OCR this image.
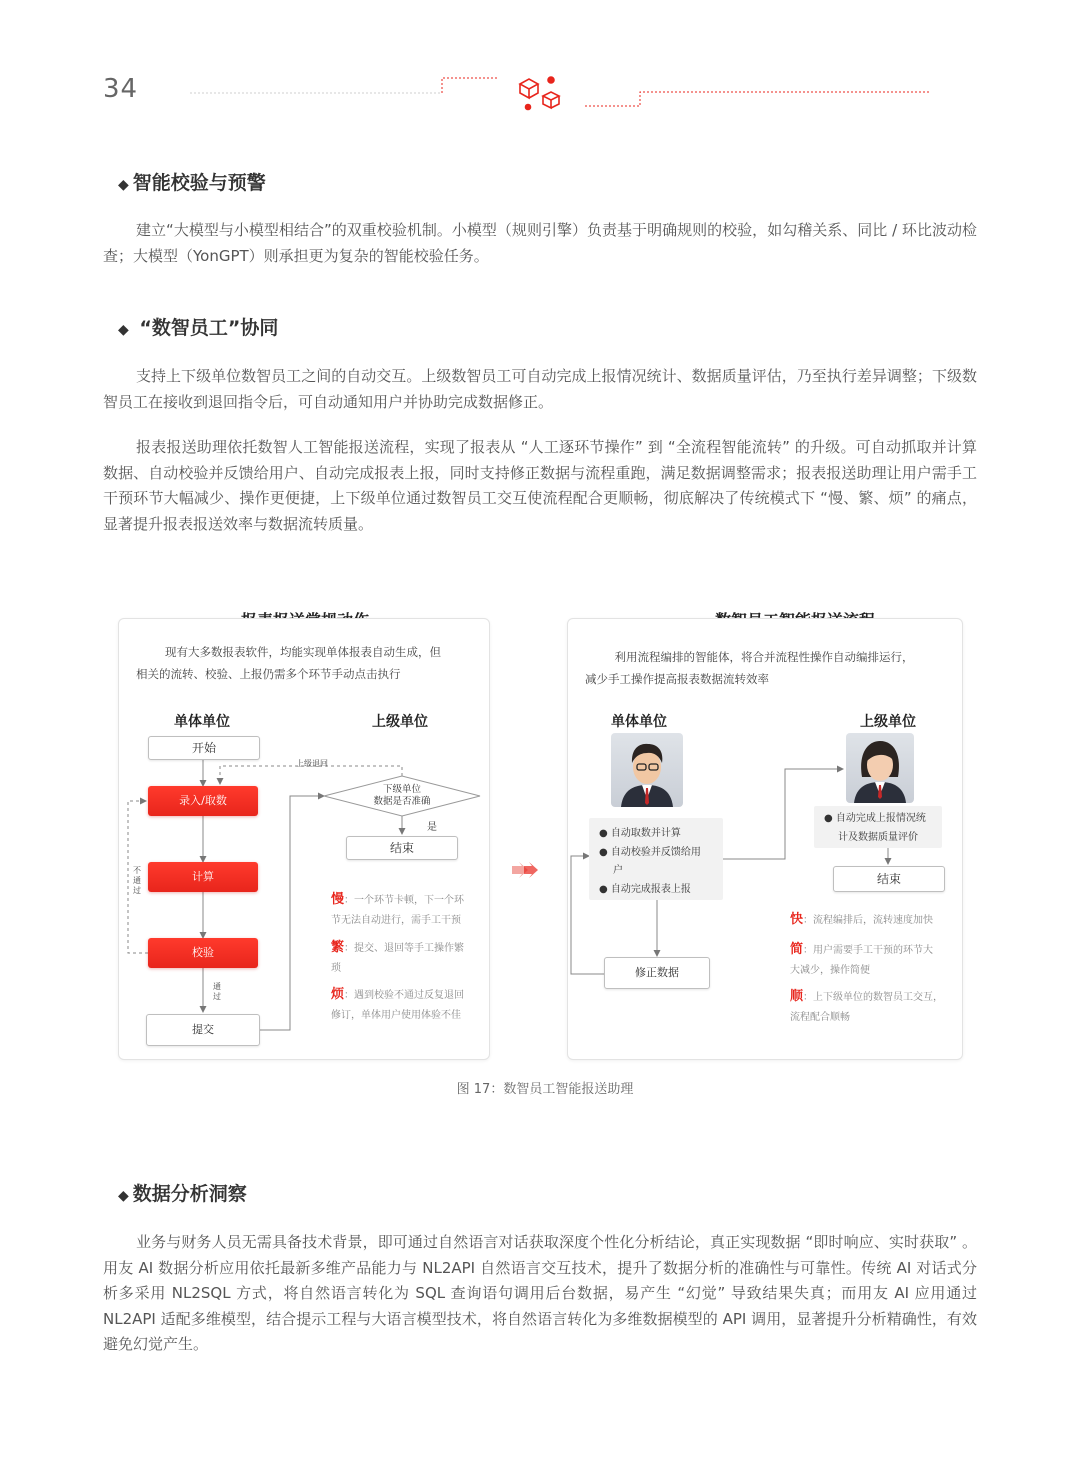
34
◆ 智能校验与预警

建立“大模型与小模型相结合”的双重校验机制。小模型（规则引擎）负责基于明确规则的校验，如勾稽关系、同比 / 环比波动检查；大模型（YonGPT）则承担更为复杂的智能校验任务。

◆ “数智员工”协同

支持上下级单位数智员工之间的自动交互。上级数智员工可自动完成上报情况统计、数据质量评估，乃至执行差异调整；下级数智员工在接收到退回指令后，可自动通知用户并协助完成数据修正。

报表报送助理依托数智人工智能报送流程，实现了报表从 “人工逐环节操作” 到 “全流程智能流转” 的升级。可自动抓取并计算数据、自动校验并反馈给用户、自动完成报表上报，同时支持修正数据与流程重跑，满足数据调整需求；报表报送助理让用户需手工干预环节大幅减少、操作更便捷，上下级单位通过数智员工交互使流程配合更顺畅，彻底解决了传统模式下 “慢、繁、烦” 的痛点，显著提升报表报送效率与数据流转质量。

现有大多数报表软件，均能实现单体报表自动生成，但
相关的流转、校验、上报仍需多个环节手动点击执行
单体单位	上级单位
开始
上级退回
录入/取数
计算
校验
提交
不通过
通过
下级单位
数据是否准确
是
结束
慢：一个环节卡顿，下一个环
节无法自动进行，需手工干预
繁：提交、退回等手工操作繁
琐
烦：遇到校验不通过反复退回
修订，单体用户使用体验不佳
利用流程编排的智能体，将合并流程性操作自动编排运行，
减少手工操作提高报表数据流转效率
单体单位	上级单位
● 自动取数并计算
● 自动校验并反馈给用
户
● 自动完成报表上报
● 自动完成上报情况统
计及数据质量评价
修正数据
结束
快：流程编排后，流转速度加快
简：用户需要手工干预的环节大
大减少，操作简便
顺：上下级单位的数智员工交互，
流程配合顺畅
图 17：数智员工智能报送助理
◆ 数据分析洞察

业务与财务人员无需具备技术背景，即可通过自然语言对话获取深度个性化分析结论，真正实现数据 “即时响应、实时获取” 。用友 AI 数据分析应用依托最新多维产品能力与 NL2API 自然语言交互技术，提升了数据分析的准确性与可靠性。传统 AI 对话式分析多采用 NL2SQL 方式，将自然语言转化为 SQL 查询语句调用后台数据，易产生 “幻觉” 导致结果失真；而用友 AI 应用通过 NL2API 适配多维模型，结合提示工程与大语言模型技术，将自然语言转化为多维数据模型的 API 调用，显著提升分析精确性，有效避免幻觉产生。
